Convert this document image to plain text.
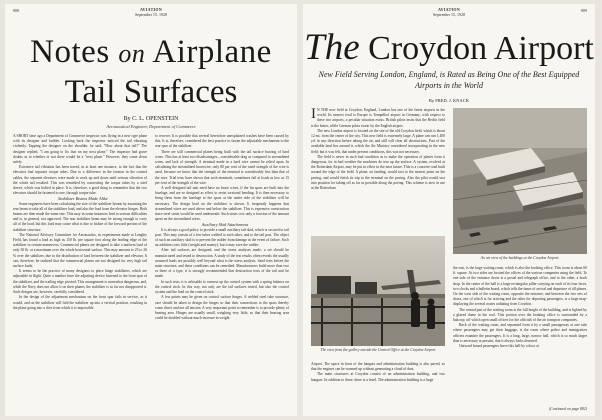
808	AVIATION
September 15, 1928
Notes on Airplane
Tail Surfaces
By C. L. OPENSTEIN
Aeronautical Engineer, Department of Commerce

A SHORT time ago a Department of Commerce inspector was flying in a new type plane with its designer and builder. Looking back the inspector noticed the tail vibrating violently. Tapping the designer on the shoulder, he said, "How about that tail?" The designer replied, "I am going to fix that on my next plane." The inspector had grave doubts as to whether or not there would be a "next plane." However, they came down safely.

Extensive tail vibration has been traced, in at least one instance, to the fact that the elevators had separate torque tubes. Due to a difference in the tension in the control cables, the separate elevators were made to work up and down until serious vibration of the whole tail resulted. This was remedied by connecting the torque tubes by a steel sleeve, which was bolted in place. It is, therefore, a good thing to remember that the two elevators should be fastened to one, through torque tube.

Stabilizer Beams Made Alike

Some engineers have been calculating the size of the stabilizer beams by assuming the rear beam to take all of the stabilizer load, and also the load from the elevator hinges. Both beams are then made the same size. This may in some instances lead to serious difficulties and is, in general, not approved. The rear stabilizer beam may be strong enough to carry all of the load, but this load may cause what is due to failure of the forward portion of the stabilizer structure.

The National Advisory Committee for Aeronautics, in experiments made at Langley Field, has found a load as high as 150 lb. per square foot along the leading edge of the stabilizer in certain maneuvers. Commercial planes are designed to take a uniform load of only 30 lb. at a maximum over the whole horizontal surface. This may amount to 25 to 26 % over the stabilizer, due to the distribution of load between the stabilizer and elevator. It can, therefore, be realized that the commercial planes are not designed for very high tail surface loads.

It seems to be the practice of many designers to place hinge stabilizers, which are adjustable in flight. Quite a number have the adjusting device fastened to the front spar of the stabilizer, and the trailing edge pivoted. This arrangement is somewhat dangerous, and, while the Navy does not allow it on their planes, the stabilizer is so far not disapproved it. Such designs are, however, carefully considered.

In the design of the adjustment mechanism on the front spar fails in service, as it would, and on the stabilizer will fold the stabilizer up into a vertical position, resulting in the plane going into a dive from which it is impossible

to recover. It is possible that several heretofore unexplained crashes have been caused by this. It is, therefore, considered the best practice to fasten the adjustable mechanism to the rear spar of the stabilizer.

There are still commercial planes being built with the tail surface bracing of hard wires. This has at least two disadvantages—considerable drag as compared to streamlined wires, and lack of strength. A terminal made in a hard wire cannot be relied upon. In calculating the streamlined bracewire, only 80 per cent of the rated strength of the wire is used, because we know that the strength of the terminal is considerably less than that of the wire. Trial tests have shown that such terminals, sometimes fail at loads as low as 15 per cent of the strength of the wire.

A well designed tail unit need have no brace wires, if the fin spars are built into the fuselage, and are so designed as effect to resist torsional bending. It is then necessary to bring them from the fuselage to the spars at the under side of the stabilizer will be necessary. The design load on the stabilizer is shown. It frequently happens that streamlined wires are used above and below the stabilizer. This is expensive construction since steel struts would be used underneath. Such struts cost only a fraction of the amount spent on the streamlined wires.

Auxiliary Skid Attachments

It is always a good policy to provide a small auxiliary tail skid, which is secured to tail post. This may consist of a few tubes welded to each other, and to the tail post. The object of such an auxiliary skid is to prevent the rudder from damage in the event of failure. Such an addition costs little (weight and money), but it may save the rudder.

After tail surfaces are designed, and the stress analyses made, a set should be manufactured and tested to destruction. A study of the test results often reveals the usually assumed loads are possibly well beyond what is the stress analysis. Sand tests before the main structure, and these conditions can be remedied. Manufacturers build more than two or three of a type, it is strongly recommended that destruction tests of the tail unit be made.

In such tests, it is advisable to connect up the control system with a spring balance on the control stick. In this way, not only are the tail surfaces tested, but also the control system and the load on the control stick.

A few points may be given on control surface hinges. A welded steel tube structure, care should be taken to design the hinges so that their connections to the spars thereby come direct and not all tension. A very important point to remember is to provide plenty of bearing area. Hinges are usually small, weighing very little, so that their bearing area could be doubled without much increase in weight.

AVIATION
September 15, 1928
809
The Croydon Airport
New Field Serving London, England, is Rated as Being One of the Best Equipped Airports in the World
By FRED. J. KNACK

I N THE new field at Croydon, England, London has one of the finest airports in the world. Its nearest rival is Europe is Tempelhof airport in Germany, with respect to these two airports, a peculiar situation exists. British pilots insist that the Berlin field is the better, while German pilots swear by the English airport.

The new London airport is located on the site of the old Croydon field, which is about 12 mi. from the center of the city. This new field is extremely large. A plane can run 1,400 yd. in any direction before taking the air, and still will clear all obstructions. Part of the available land lies around it, which the Air Ministry considered incorporating in the new field; but it was felt, that under present conditions, this was not necessary.

The field is never in such bad condition as to make the operation of planes from it dangerous, for in bad weather the machines do tear up the surface. A system, evolved at the Rotterdam Airport, may be put in effect in the near future. This is a concrete road built around the edge of the field. A plane, on landing, would taxi to the nearest point on the paving, and would finish its trip to the terminal on the paving. Also the pilot would taxi into position for taking off as far as possible along the paving. This scheme is now in use at the Rotterdam

The view from the gallery outside the Control Office at the Croydon Airport

Airport. The space in front of the hangars and administration building is also paved, so that the engines can be warmed up without generating a cloud of dust.

The main structures at Croydon consist of an administration building, and two hangars. In addition to these, there is a hotel. The administration building is a large

An air view of the buildings at the Croydon Airport.

the east, is the large waiting room, which is also the booking office. This room is about 60 ft. square. At two sides are located the offices of the various companies using the field. To one side of the entrance doors is a postal and telegraph office, and to the other, a book shop. In the center of the hall is a large rectangular pillar carrying on each of its four faces, two clocks and a bulletin board, which tells the times of arrival and departure of all planes. On the west side of the waiting room, opposite the entrance, and between the two sets of doors, one of which is for arriving and the other for departing passengers, is a large map-displaying the several routes radiating from Croydon.

The central part of the waiting room is the full height of the building, and is lighted by a glazed dome in the roof. This portion over the booking office is surrounded by a balcony, off which open small offices for the officials of the air transport companies.

Back of the waiting room, and separated from it by a small passageway at one side where passengers may get their baggage, is the room where police and immigration officers examine the passengers. It is a long, large, narrow hall, which is so much larger than is necessary at present, that it always looks deserted.

Outward bound passengers leave this hall by a door at

(Continued on page 882)
